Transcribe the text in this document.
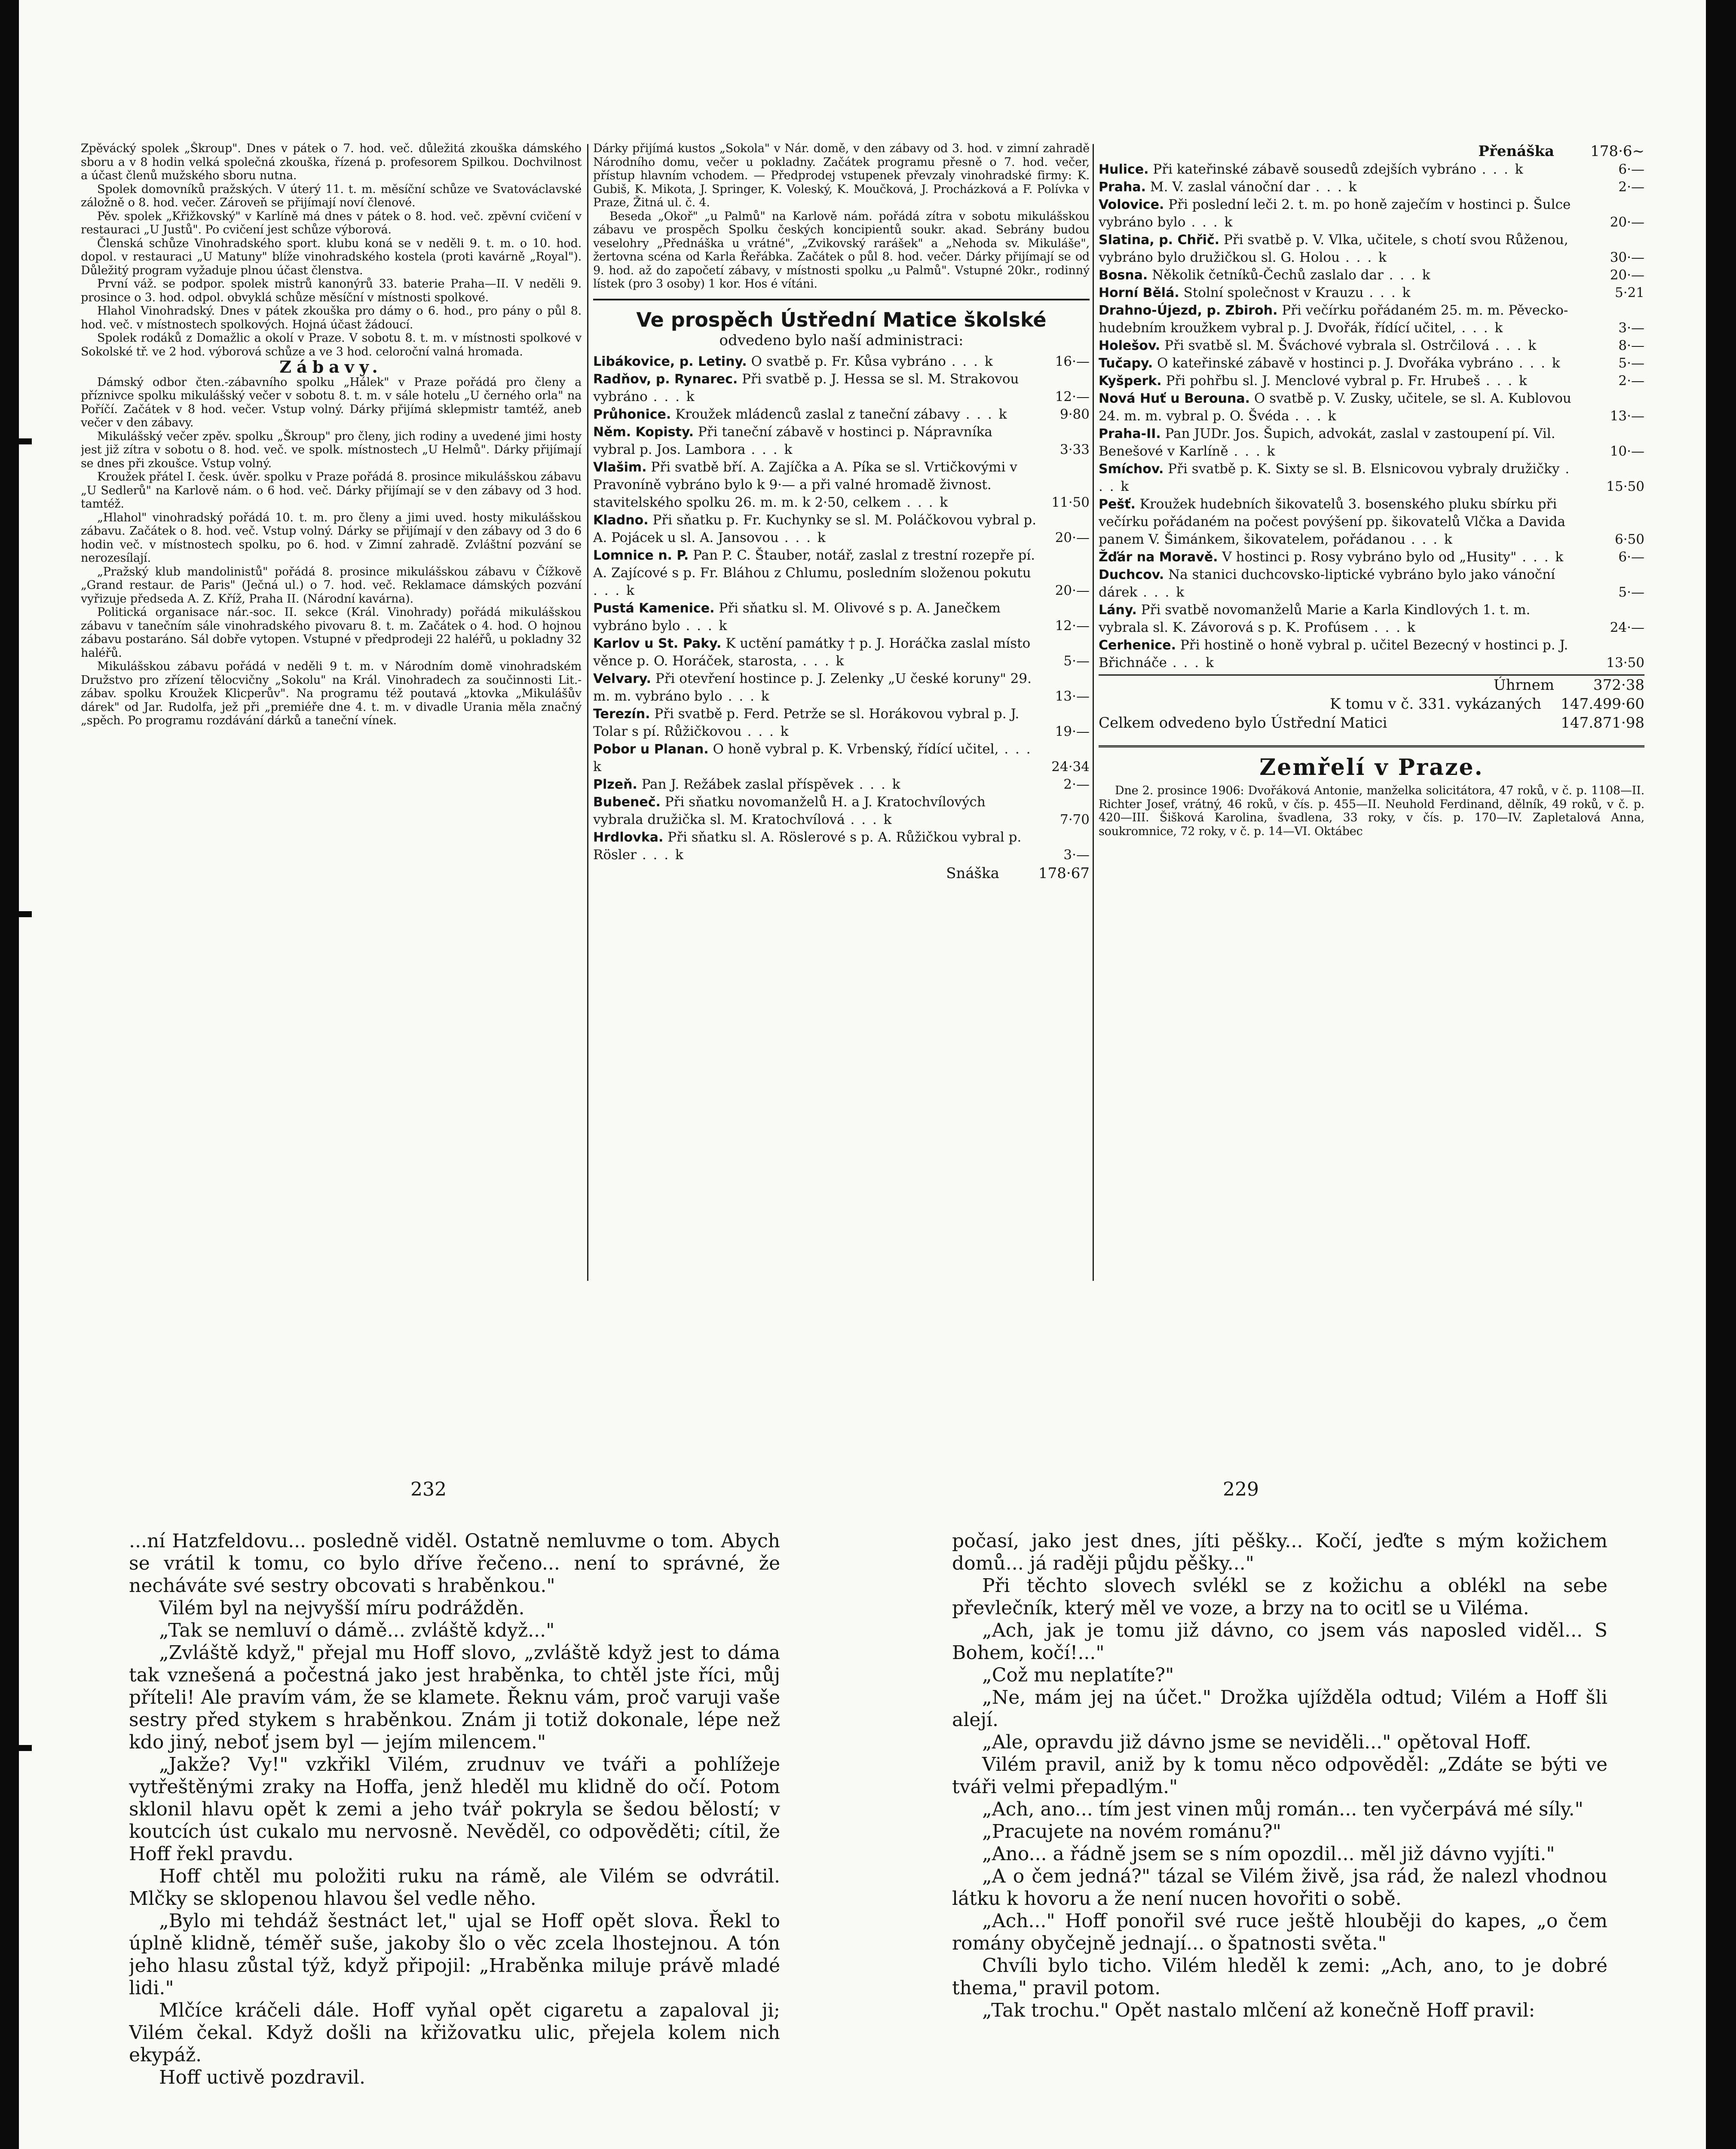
Zpěvácký spolek „Škroup". Dnes v pátek o 7. hod. več. důležitá zkouška dámského sboru a v 8 hodin velká společná zkouška, řízená p. profesorem Spilkou. Dochvilnost a účast členů mužského sboru nutna.

Spolek domovníků pražských. V úterý 11. t. m. měsíční schůze ve Svatováclavské záložně o 8. hod. večer. Zároveň se přijímají noví členové.

Pěv. spolek „Křižkovský" v Karlíně má dnes v pátek o 8. hod. več. zpěvní cvičení v restauraci „U Justů". Po cvičení jest schůze výborová.

Členská schůze Vinohradského sport. klubu koná se v neděli 9. t. m. o 10. hod. dopol. v restauraci „U Matuny" blíže vinohradského kostela (proti kavárně „Royal"). Důležitý program vyžaduje plnou účast členstva.

První váž. se podpor. spolek mistrů kanonýrů 33. baterie Praha—II. V neděli 9. prosince o 3. hod. odpol. obvyklá schůze měsíční v místnosti spolkové.

Hlahol Vinohradský. Dnes v pátek zkouška pro dámy o 6. hod., pro pány o půl 8. hod. več. v místnostech spolkových. Hojná účast žádoucí.

Spolek rodáků z Domažlic a okolí v Praze. V sobotu 8. t. m. v místnosti spolkové v Sokolské tř. ve 2 hod. výborová schůze a ve 3 hod. celoroční valná hromada.

Zábavy.

Dámský odbor čten.-zábavního spolku „Hálek" v Praze pořádá pro členy a příznivce spolku mikulášský večer v sobotu 8. t. m. v sále hotelu „U černého orla" na Poříčí. Začátek v 8 hod. večer. Vstup volný. Dárky přijímá sklepmistr tamtéž, aneb večer v den zábavy.

Mikulášský večer zpěv. spolku „Škroup" pro členy, jich rodiny a uvedené jimi hosty jest již zítra v sobotu o 8. hod. več. ve spolk. místnostech „U Helmů". Dárky přijímají se dnes při zkoušce. Vstup volný.

Kroužek přátel I. česk. úvěr. spolku v Praze pořádá 8. prosince mikulášskou zábavu „U Sedlerů" na Karlově nám. o 6 hod. več. Dárky přijímají se v den zábavy od 3 hod. tamtéž.

„Hlahol" vinohradský pořádá 10. t. m. pro členy a jimi uved. hosty mikulášskou zábavu. Začátek o 8. hod. več. Vstup volný. Dárky se přijímají v den zábavy od 3 do 6 hodin več. v místnostech spolku, po 6. hod. v Zimní zahradě. Zvláštní pozvání se nerozesílají.

„Pražský klub mandolinistů" pořádá 8. prosince mikulášskou zábavu v Čížkově „Grand restaur. de Paris" (Ječná ul.) o 7. hod. več. Reklamace dámských pozvání vyřizuje předseda A. Z. Kříž, Praha II. (Národní kavárna).

Politická organisace nár.-soc. II. sekce (Král. Vinohrady) pořádá mikulášskou zábavu v tanečním sále vinohradského pivovaru 8. t. m. Začátek o 4. hod. O hojnou zábavu postaráno. Sál dobře vytopen. Vstupné v předprodeji 22 haléřů, u pokladny 32 haléřů.

Mikulášskou zábavu pořádá v neděli 9 t. m. v Národním domě vinohradském Družstvo pro zřízení tělocvičny „Sokolu" na Král. Vinohradech za součinnosti Lit.-zábav. spolku Kroužek Klicperův". Na programu též poutavá „ktovka „Mikulášův dárek" od Jar. Rudolfa, jež při „premiéře dne 4. t. m. v divadle Urania měla značný „spěch. Po programu rozdávání dárků a taneční vínek.

Dárky přijímá kustos „Sokola" v Nár. domě, v den zábavy od 3. hod. v zimní zahradě Národního domu, večer u pokladny. Začátek programu přesně o 7. hod. večer, přístup hlavním vchodem. — Předprodej vstupenek převzaly vinohradské firmy: K. Gubiš, K. Mikota, J. Springer, K. Voleský, K. Moučková, J. Procházková a F. Polívka v Praze, Žitná ul. č. 4.

Beseda „Okoř" „u Palmů" na Karlově nám. pořádá zítra v sobotu mikulášskou zábavu ve prospěch Spolku českých koncipientů soukr. akad. Sebrány budou veselohry „Přednáška u vrátné", „Zvikovský rarášek" a „Nehoda sv. Mikuláše", žertovna scéna od Karla Řeřábka. Začátek o půl 8. hod. večer. Dárky přijímají se od 9. hod. až do započetí zábavy, v místnosti spolku „u Palmů". Vstupné 20kr., rodinný lístek (pro 3 osoby) 1 kor. Hos é vítáni.

Ve prospěch Ústřední Matice školské
odvedeno bylo naší administraci:
Libákovice, p. Letiny. O svatbě p. Fr. Kůsa vybráno . . . k	16·—
Radňov, p. Rynarec. Při svatbě p. J. Hessa se sl. M. Strakovou vybráno . . . k	12·—
Průhonice. Kroužek mládenců zaslal z taneční zábavy . . . k	9·80
Něm. Kopisty. Při taneční zábavě v hostinci p. Nápravníka vybral p. Jos. Lambora . . . k	3·33
Vlašim. Při svatbě bří. A. Zajíčka a A. Píka se sl. Vrtičkovými v Pravoníně vybráno bylo k 9·— a při valné hromadě živnost. stavitelského spolku 26. m. m. k 2·50, celkem . . . k	11·50
Kladno. Při sňatku p. Fr. Kuchynky se sl. M. Poláčkovou vybral p. A. Pojácek u sl. A. Jansovou . . . k	20·—
Lomnice n. P. Pan P. C. Štauber, notář, zaslal z trestní rozepře pí. A. Zajícové s p. Fr. Bláhou z Chlumu, posledním složenou pokutu . . . k	20·—
Pustá Kamenice. Při sňatku sl. M. Olivové s p. A. Janečkem vybráno bylo . . . k	12·—
Karlov u St. Paky. K uctění památky † p. J. Horáčka zaslal místo věnce p. O. Horáček, starosta, . . . k	5·—
Velvary. Při otevření hostince p. J. Zelenky „U české koruny" 29. m. m. vybráno bylo . . . k	13·—
Terezín. Při svatbě p. Ferd. Petrže se sl. Horákovou vybral p. J. Tolar s pí. Růžičkovou . . . k	19·—
Pobor u Planan. O honě vybral p. K. Vrbenský, řídící učitel, . . . k	24·34
Plzeň. Pan J. Režábek zaslal příspěvek . . . k	2·—
Bubeneč. Při sňatku novomanželů H. a J. Kratochvílových vybrala družička sl. M. Kratochvílová . . . k	7·70
Hrdlovka. Při sňatku sl. A. Röslerové s p. A. Růžičkou vybral p. Rösler . . . k	3·—
Snáška	178·67
Přenáška	178·6~
Hulice. Při kateřinské zábavě sousedů zdejších vybráno . . . k	6·—
Praha. M. V. zaslal vánoční dar . . . k	2·—
Volovice. Při poslední leči 2. t. m. po honě zaječím v hostinci p. Šulce vybráno bylo . . . k	20·—
Slatina, p. Chřič. Při svatbě p. V. Vlka, učitele, s chotí svou Růženou, vybráno bylo družičkou sl. G. Holou . . . k	30·—
Bosna. Několik četníků-Čechů zaslalo dar . . . k	20·—
Horní Bělá. Stolní společnost v Krauzu . . . k	5·21
Drahno-Újezd, p. Zbiroh. Při večírku pořádaném 25. m. m. Pěvecko-hudebním kroužkem vybral p. J. Dvořák, řídící učitel, . . . k	3·—
Holešov. Při svatbě sl. M. Šváchové vybrala sl. Ostrčilová . . . k	8·—
Tučapy. O kateřinské zábavě v hostinci p. J. Dvořáka vybráno . . . k	5·—
Kyšperk. Při pohřbu sl. J. Menclové vybral p. Fr. Hrubeš . . . k	2·—
Nová Huť u Berouna. O svatbě p. V. Zusky, učitele, se sl. A. Kublovou 24. m. m. vybral p. O. Švéda . . . k	13·—
Praha-II. Pan JUDr. Jos. Šupich, advokát, zaslal v zastoupení pí. Vil. Benešové v Karlíně . . . k	10·—
Smíchov. Při svatbě p. K. Sixty se sl. B. Elsnicovou vybraly družičky . . . k	15·50
Pešť. Kroužek hudebních šikovatelů 3. bosenského pluku sbírku při večírku pořádaném na počest povýšení pp. šikovatelů Vlčka a Davida panem V. Šimánkem, šikovatelem, pořádanou . . . k	6·50
Žďár na Moravě. V hostinci p. Rosy vybráno bylo od „Husity" . . . k	6·—
Duchcov. Na stanici duchcovsko-liptické vybráno bylo jako vánoční dárek . . . k	5·—
Lány. Při svatbě novomanželů Marie a Karla Kindlových 1. t. m. vybrala sl. K. Závorová s p. K. Profúsem . . . k	24·—
Cerhenice. Při hostině o honě vybral p. učitel Bezecný v hostinci p. J. Břichnáče . . . k	13·50
Úhrnem	372·38
K tomu v č. 331. vykázaných	147.499·60
Celkem odvedeno bylo Ústřední Matici	147.871·98
Zemřelí v Praze.

Dne 2. prosince 1906: Dvořáková Antonie, manželka solicitátora, 47 roků, v č. p. 1108—II. Richter Josef, vrátný, 46 roků, v čís. p. 455—II. Neuhold Ferdinand, dělník, 49 roků, v č. p. 420—III. Šišková Karolina, švadlena, 33 roky, v čís. p. 170—IV. Zapletalová Anna, soukromnice, 72 roky, v č. p. 14—VI. Oktábec

232	229

...ní Hatzfeldovu... posledně viděl. Ostatně nemluvme o tom. Abych se vrátil k tomu, co bylo dříve řečeno... není to správné, že necháváte své sestry obcovati s hraběnkou."

Vilém byl na nejvyšší míru podrážděn.

„Tak se nemluví o dámě... zvláště když..."

„Zvláště když," přejal mu Hoff slovo, „zvláště když jest to dáma tak vznešená a počestná jako jest hraběnka, to chtěl jste říci, můj příteli! Ale pravím vám, že se klamete. Řeknu vám, proč varuji vaše sestry před stykem s hraběnkou. Znám ji totiž dokonale, lépe než kdo jiný, neboť jsem byl — jejím milencem."

„Jakže? Vy!" vzkřikl Vilém, zrudnuv ve tváři a pohlížeje vytřeštěnými zraky na Hoffa, jenž hleděl mu klidně do očí. Potom sklonil hlavu opět k zemi a jeho tvář pokryla se šedou bělostí; v koutcích úst cukalo mu nervosně. Nevěděl, co odpověděti; cítil, že Hoff řekl pravdu.

Hoff chtěl mu položiti ruku na rámě, ale Vilém se odvrátil. Mlčky se sklopenou hlavou šel vedle něho.

„Bylo mi tehdáž šestnáct let," ujal se Hoff opět slova. Řekl to úplně klidně, téměř suše, jakoby šlo o věc zcela lhostejnou. A tón jeho hlasu zůstal týž, když připojil: „Hraběnka miluje právě mladé lidi."

Mlčíce kráčeli dále. Hoff vyňal opět cigaretu a zapaloval ji; Vilém čekal. Když došli na křižovatku ulic, přejela kolem nich ekypáž.

Hoff uctivě pozdravil.

počasí, jako jest dnes, jíti pěšky... Kočí, jeďte s mým kožichem domů... já raději půjdu pěšky..."

Při těchto slovech svlékl se z kožichu a oblékl na sebe převlečník, který měl ve voze, a brzy na to ocitl se u Viléma.

„Ach, jak je tomu již dávno, co jsem vás naposled viděl... S Bohem, kočí!..."

„Což mu neplatíte?"

„Ne, mám jej na účet." Drožka ujížděla odtud; Vilém a Hoff šli alejí.

„Ale, opravdu již dávno jsme se neviděli..." opětoval Hoff.

Vilém pravil, aniž by k tomu něco odpověděl: „Zdáte se býti ve tváři velmi přepadlým."

„Ach, ano... tím jest vinen můj román... ten vyčerpává mé síly."

„Pracujete na novém románu?"

„Ano... a řádně jsem se s ním opozdil... měl již dávno vyjíti."

„A o čem jedná?" tázal se Vilém živě, jsa rád, že nalezl vhodnou látku k hovoru a že není nucen hovořiti o sobě.

„Ach..." Hoff ponořil své ruce ještě hlouběji do kapes, „o čem romány obyčejně jednají... o špatnosti světa."

Chvíli bylo ticho. Vilém hleděl k zemi: „Ach, ano, to je dobré thema," pravil potom.

„Tak trochu." Opět nastalo mlčení až konečně Hoff pravil:
